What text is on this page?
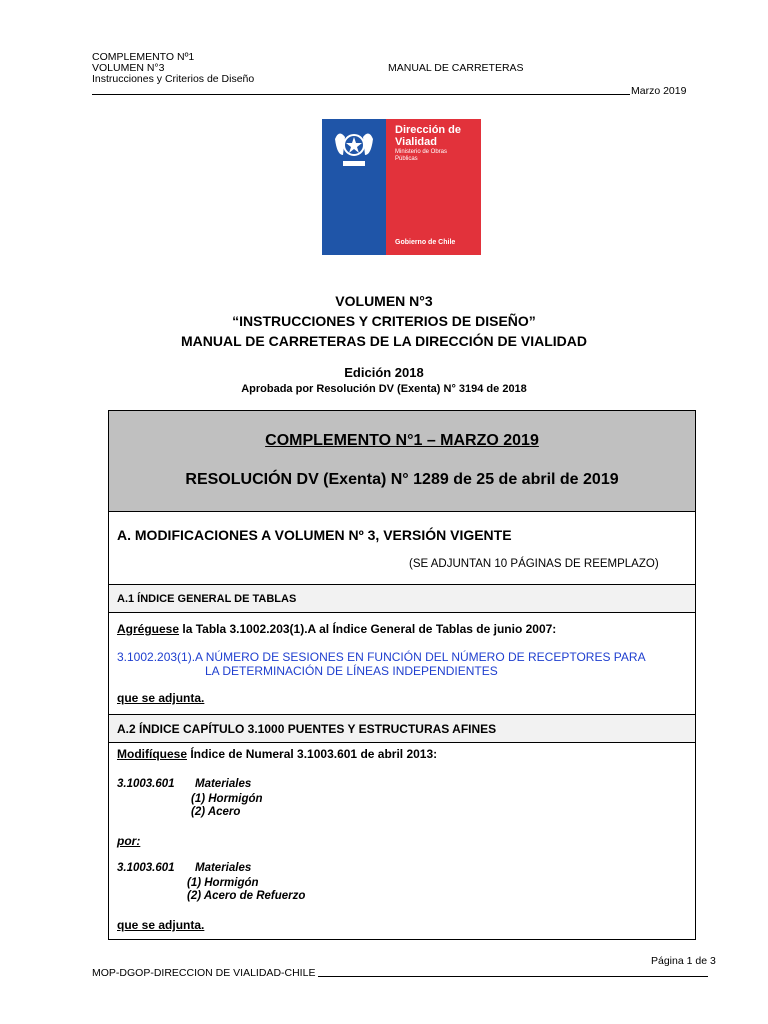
COMPLEMENTO Nº1
VOLUMEN N°3
Instrucciones y Criterios de Diseño
MANUAL DE CARRETERAS
Marzo 2019
Dirección de
Vialidad
Ministerio de Obras
Públicas
Gobierno de Chile
VOLUMEN N°3
“INSTRUCCIONES Y CRITERIOS DE DISEÑO”
MANUAL DE CARRETERAS DE LA DIRECCIÓN DE VIALIDAD
Edición 2018
Aprobada por Resolución DV (Exenta) N° 3194 de 2018
COMPLEMENTO N°1 – MARZO 2019
RESOLUCIÓN DV (Exenta) N° 1289 de 25 de abril de 2019
A. MODIFICACIONES A VOLUMEN Nº 3, VERSIÓN VIGENTE
(SE ADJUNTAN 10 PÁGINAS DE REEMPLAZO)
A.1 ÍNDICE GENERAL DE TABLAS
Agréguese la Tabla 3.1002.203(1).A al Índice General de Tablas de junio 2007:
3.1002.203(1).A NÚMERO DE SESIONES EN FUNCIÓN DEL NÚMERO DE RECEPTORES PARA
LA DETERMINACIÓN DE LÍNEAS INDEPENDIENTES
que se adjunta.
A.2 ÍNDICE CAPÍTULO 3.1000 PUENTES Y ESTRUCTURAS AFINES
Modifíquese Índice de Numeral 3.1003.601 de abril 2013:
3.1003.601 Materiales
(1) Hormigón
(2) Acero
por:
3.1003.601 Materiales
(1) Hormigón
(2) Acero de Refuerzo
que se adjunta.
Página 1 de 3
MOP-DGOP-DIRECCION DE VIALIDAD-CHILE
